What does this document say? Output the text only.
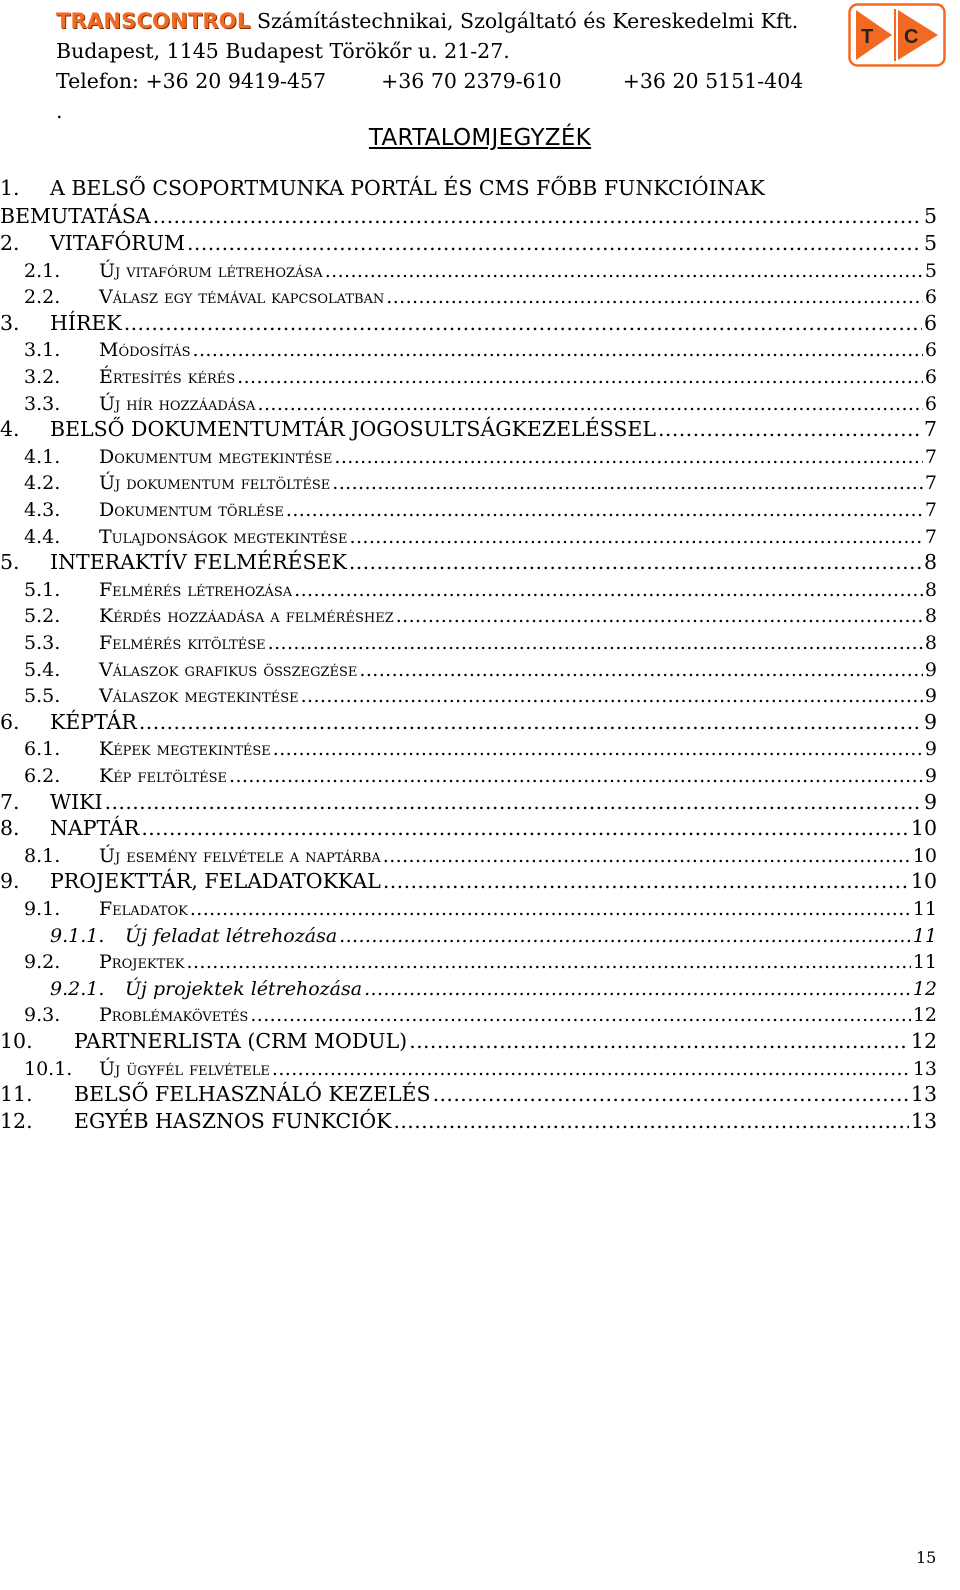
TRANSCONTROL Számítástechnikai, Szolgáltató és Kereskedelmi Kft.
Budapest, 1145 Budapest Törökőr u. 21-27.
Telefon: +36 20 9419-457	+36 70 2379-610	+36 20 5151-404
.
T C
TARTALOMJEGYZÉK
1. A BELSŐ CSOPORTMUNKA PORTÁL ÉS CMS FŐBB FUNKCIÓINAK
BEMUTATÁSA .....	5
2.	VITAFÓRUM .....	5
2.1.	Új vitafórum létrehozása .....	5
2.2.	Válasz egy témával kapcsolatban .....	6
3.	HÍREK .....	6
3.1.	Módosítás .....	6
3.2.	Értesítés kérés .....	6
3.3.	Új hír hozzáadása .....	6
4.	BELSŐ DOKUMENTUMTÁR JOGOSULTSÁGKEZELÉSSEL .....	7
4.1.	Dokumentum megtekintése .....	7
4.2.	Új dokumentum feltöltése .....	7
4.3.	Dokumentum törlése .....	7
4.4.	Tulajdonságok megtekintése .....	7
5.	INTERAKTÍV FELMÉRÉSEK .....	8
5.1.	Felmérés létrehozása .....	8
5.2.	Kérdés hozzáadása a felméréshez .....	8
5.3.	Felmérés kitöltése .....	8
5.4.	Válaszok grafikus összegzése .....	9
5.5.	Válaszok megtekintése .....	9
6.	KÉPTÁR .....	9
6.1.	Képek megtekintése .....	9
6.2.	Kép feltöltése .....	9
7.	WIKI .....	9
8.	NAPTÁR .....	10
8.1.	Új esemény felvétele a naptárba .....	10
9.	PROJEKTTÁR, FELADATOKKAL .....	10
9.1.	Feladatok .....	11
9.1.1.	Új feladat létrehozása .....	11
9.2.	Projektek .....	11
9.2.1.	Új projektek létrehozása .....	12
9.3.	Problémakövetés .....	12
10.	PARTNERLISTA (CRM MODUL) .....	12
10.1.	Új ügyfél felvétele .....	13
11.	BELSŐ FELHASZNÁLÓ KEZELÉS .....	13
12.	EGYÉB HASZNOS FUNKCIÓK .....	13
15
